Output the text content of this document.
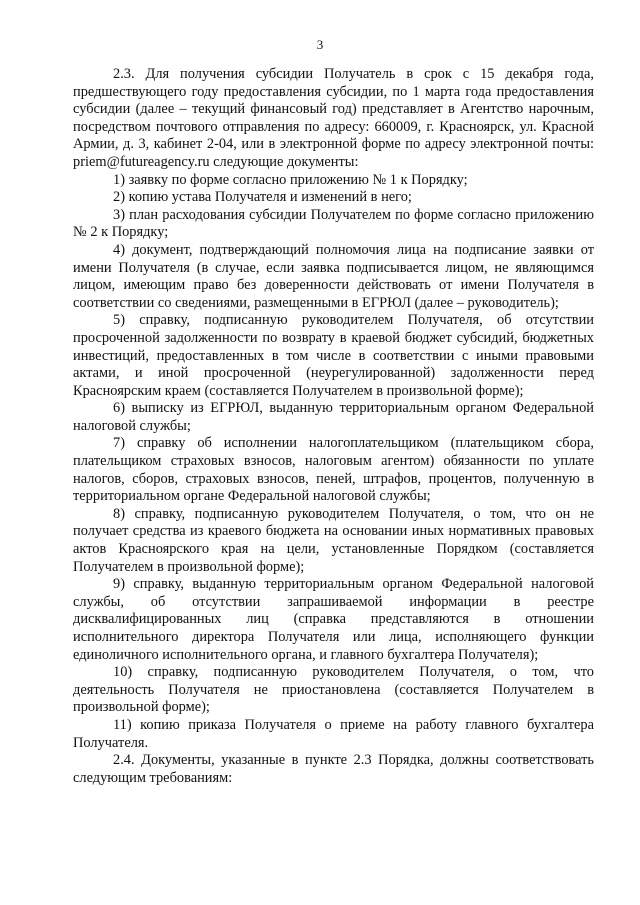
3

2.3. Для получения субсидии Получатель в срок с 15 декабря года, предшествующего году предоставления субсидии, по 1 марта года предоставления субсидии (далее – текущий финансовый год) представляет в Агентство нарочным, посредством почтового отправления по адресу: 660009, г. Красноярск, ул. Красной Армии, д. 3, кабинет 2-04, или в электронной форме по адресу электронной почты: priem@futureagency.ru следующие документы:

1) заявку по форме согласно приложению № 1 к Порядку;

2) копию устава Получателя и изменений в него;

3) план расходования субсидии Получателем по форме согласно приложению № 2 к Порядку;

4) документ, подтверждающий полномочия лица на подписание заявки от имени Получателя (в случае, если заявка подписывается лицом, не являющимся лицом, имеющим право без доверенности действовать от имени Получателя в соответствии со сведениями, размещенными в ЕГРЮЛ (далее – руководитель);

5) справку, подписанную руководителем Получателя, об отсутствии просроченной задолженности по возврату в краевой бюджет субсидий, бюджетных инвестиций, предоставленных в том числе в соответствии с иными правовыми актами, и иной просроченной (неурегулированной) задолженности перед Красноярским краем (составляется Получателем в произвольной форме);

6) выписку из ЕГРЮЛ, выданную территориальным органом Федеральной налоговой службы;

7) справку об исполнении налогоплательщиком (плательщиком сбора, плательщиком страховых взносов, налоговым агентом) обязанности по уплате налогов, сборов, страховых взносов, пеней, штрафов, процентов, полученную в территориальном органе Федеральной налоговой службы;

8) справку, подписанную руководителем Получателя, о том, что он не получает средства из краевого бюджета на основании иных нормативных правовых актов Красноярского края на цели, установленные Порядком (составляется Получателем в произвольной форме);

9) справку, выданную территориальным органом Федеральной налоговой службы, об отсутствии запрашиваемой информации в реестре дисквалифицированных лиц (справка представляются в отношении исполнительного директора Получателя или лица, исполняющего функции единоличного исполнительного органа, и главного бухгалтера Получателя);

10) справку, подписанную руководителем Получателя, о том, что деятельность Получателя не приостановлена (составляется Получателем в произвольной форме);

11) копию приказа Получателя о приеме на работу главного бухгалтера Получателя.

2.4. Документы, указанные в пункте 2.3 Порядка, должны соответствовать следующим требованиям:
